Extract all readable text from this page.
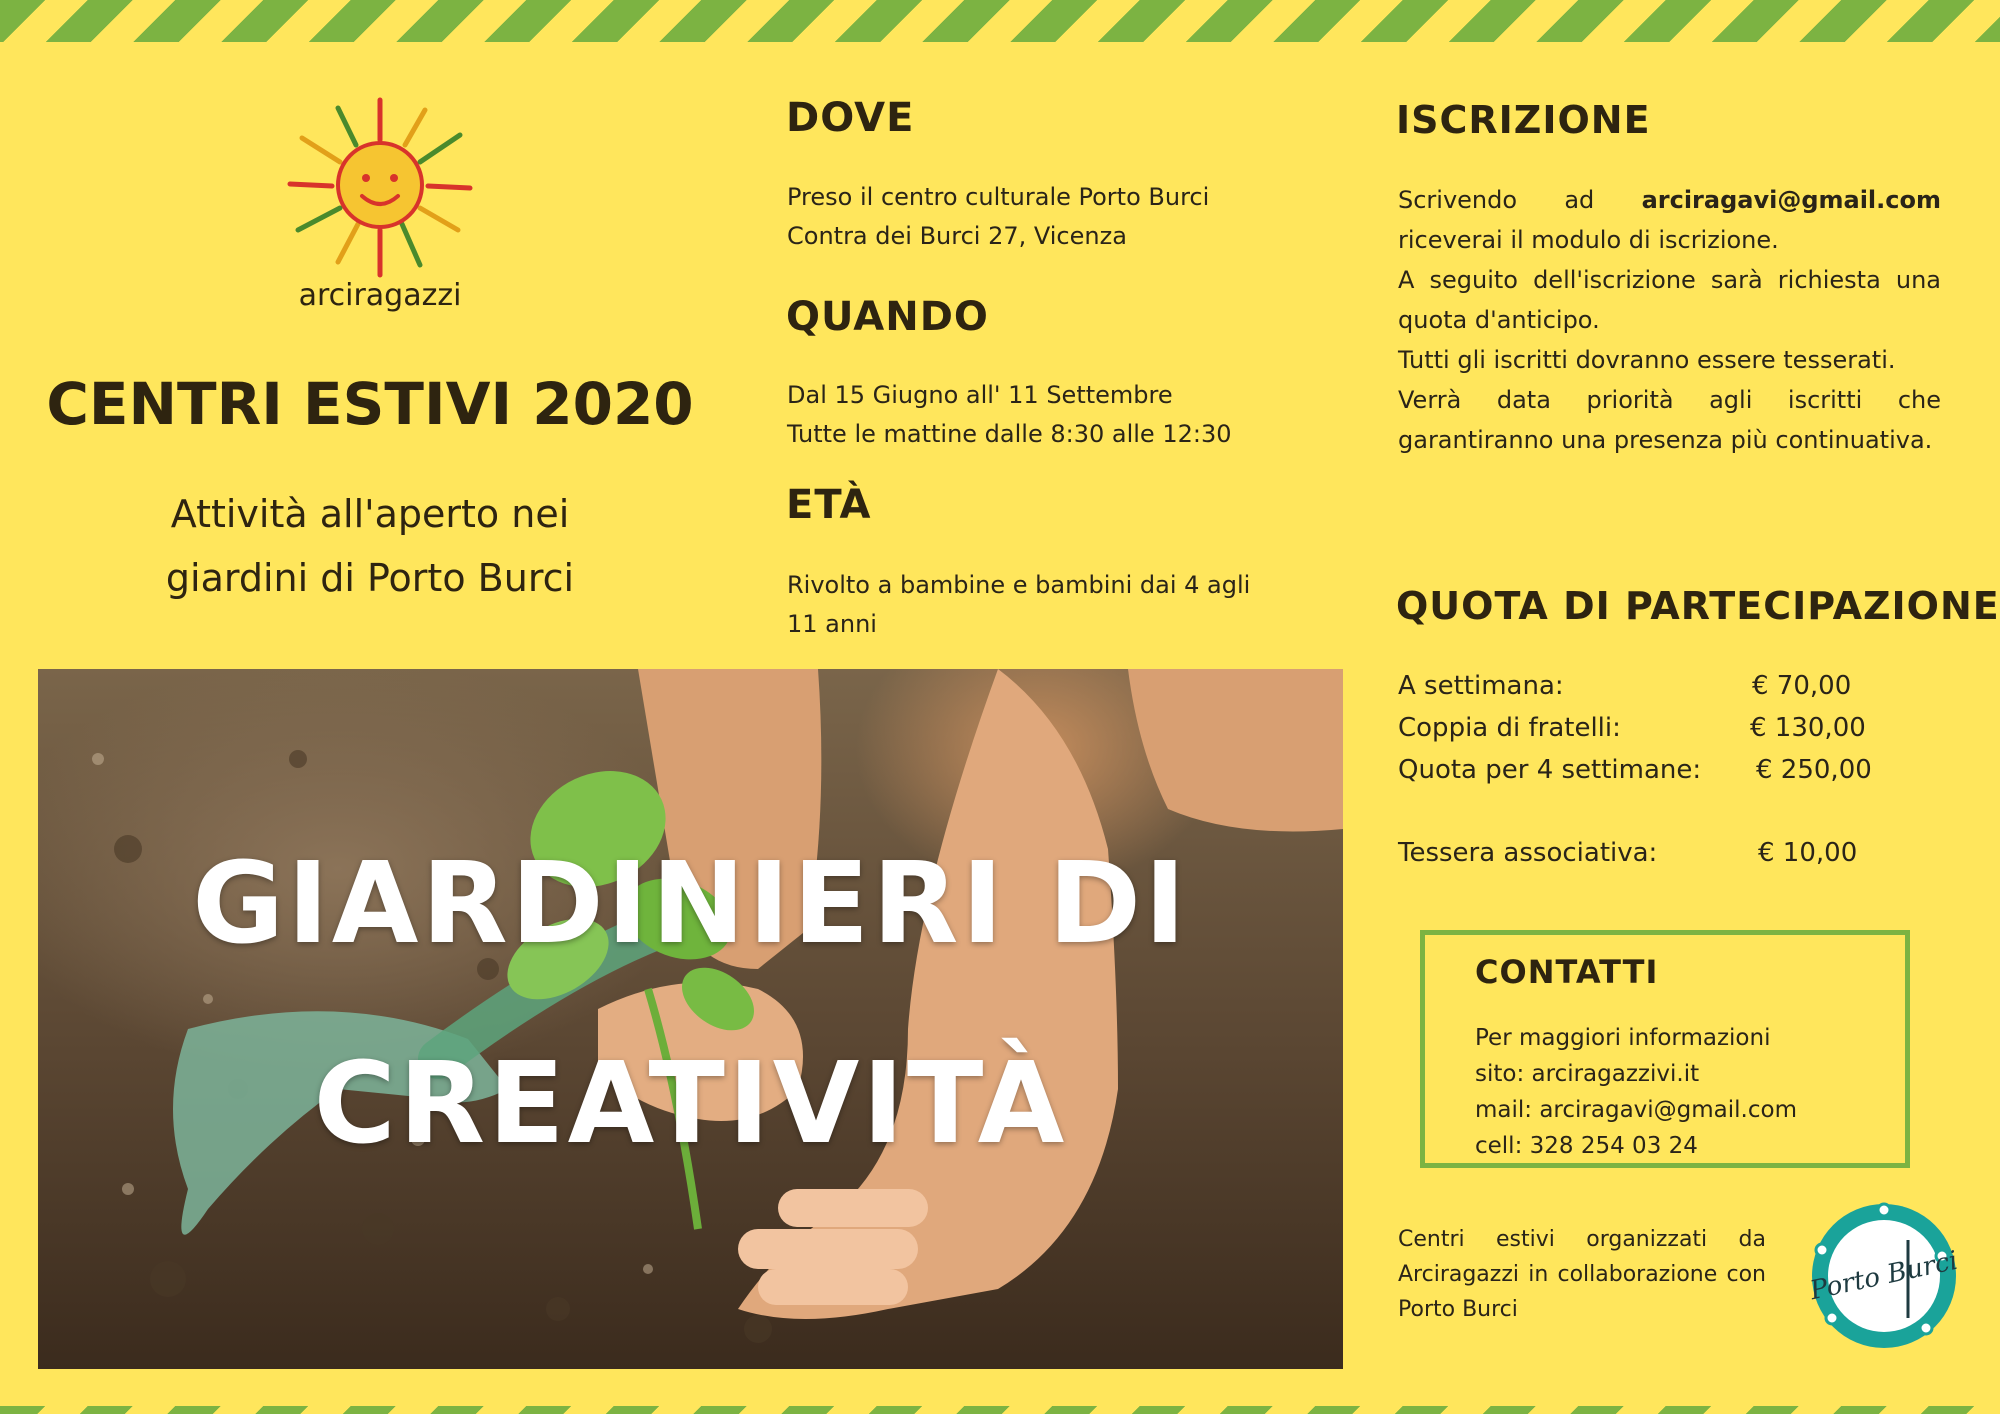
arciragazzi
CENTRI ESTIVI 2020
Attività all'aperto nei
giardini di Porto Burci
DOVE
Preso il centro culturale Porto Burci
Contra dei Burci 27, Vicenza
QUANDO
Dal 15 Giugno all' 11 Settembre
Tutte le mattine dalle 8:30 alle 12:30
ETÀ
Rivolto a bambine e bambini dai 4 agli
11 anni
GIARDINIERI DI
CREATIVITÀ
ISCRIZIONE

Scrivendo ad arciragavi@gmail.com

riceverai il modulo di iscrizione.

A seguito dell'iscrizione sarà richiesta una quota d'anticipo.

Tutti gli iscritti dovranno essere tesserati.

Verrà data priorità agli iscritti che garantiranno una presenza più continuativa.

QUOTA DI PARTECIPAZIONE
A settimana:	€ 70,00
Coppia di fratelli:	€ 130,00
Quota per 4 settimane: € 250,00
Tessera associativa:	€ 10,00
CONTATTI
Per maggiori informazioni
sito: arciragazzivi.it
mail: arciragavi@gmail.com
cell: 328 254 03 24

Centri estivi organizzati da Arciragazzi in collaborazione con Porto Burci

Porto Burci
